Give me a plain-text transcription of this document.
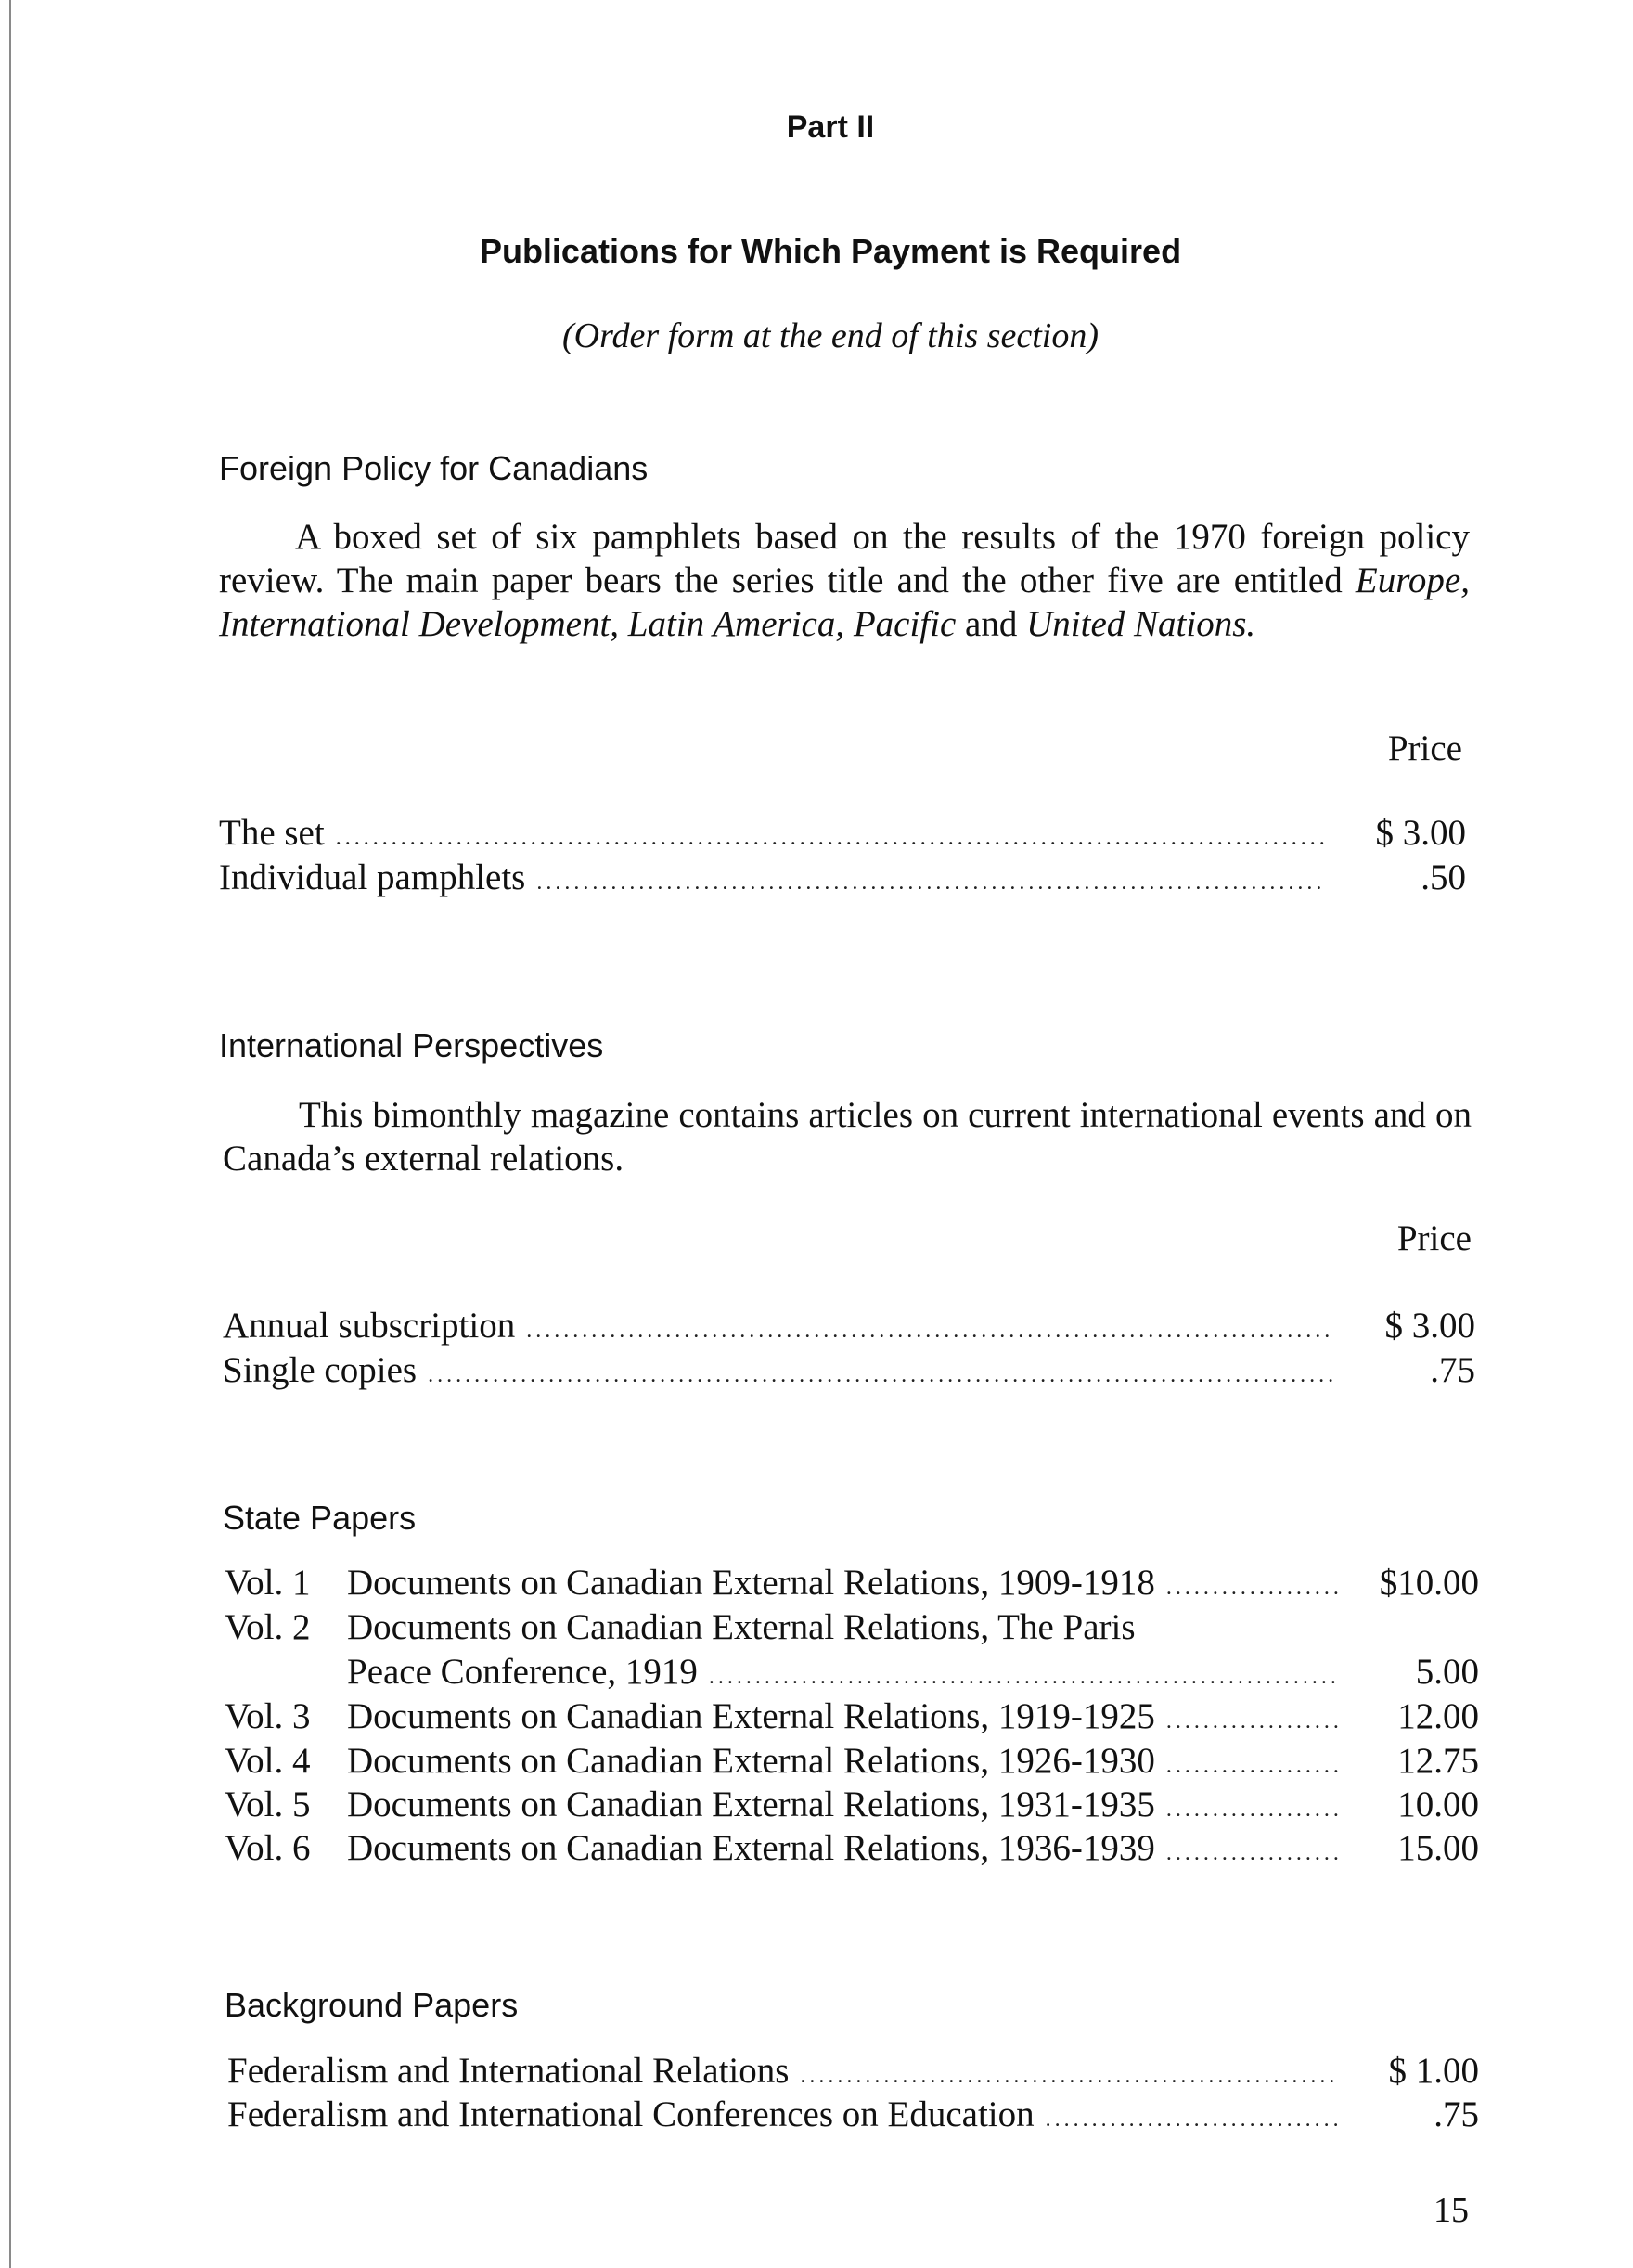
Part II
Publications for Which Payment is Required
(Order form at the end of this section)
Foreign Policy for Canadians
A boxed set of six pamphlets based on the results of the 1970 foreign policy review. The main paper bears the series title and the other five are entitled Europe, International Development, Latin America, Pacific and United Nations.
Price
The set .....	$ 3.00
Individual pamphlets .....	.50
International Perspectives
This bimonthly magazine contains articles on current international events and on Canada’s external relations.
Price
Annual subscription .....	$ 3.00
Single copies .....	.75
State Papers
Vol. 1	Documents on Canadian External Relations, 1909-1918 .....	$10.00
Vol. 2	Documents on Canadian External Relations, The Paris
Peace Conference, 1919 .....	5.00
Vol. 3	Documents on Canadian External Relations, 1919-1925 .....	12.00
Vol. 4	Documents on Canadian External Relations, 1926-1930 .....	12.75
Vol. 5	Documents on Canadian External Relations, 1931-1935 .....	10.00
Vol. 6	Documents on Canadian External Relations, 1936-1939 .....	15.00
Background Papers
Federalism and International Relations .....	$ 1.00
Federalism and International Conferences on Education .....	.75
15
